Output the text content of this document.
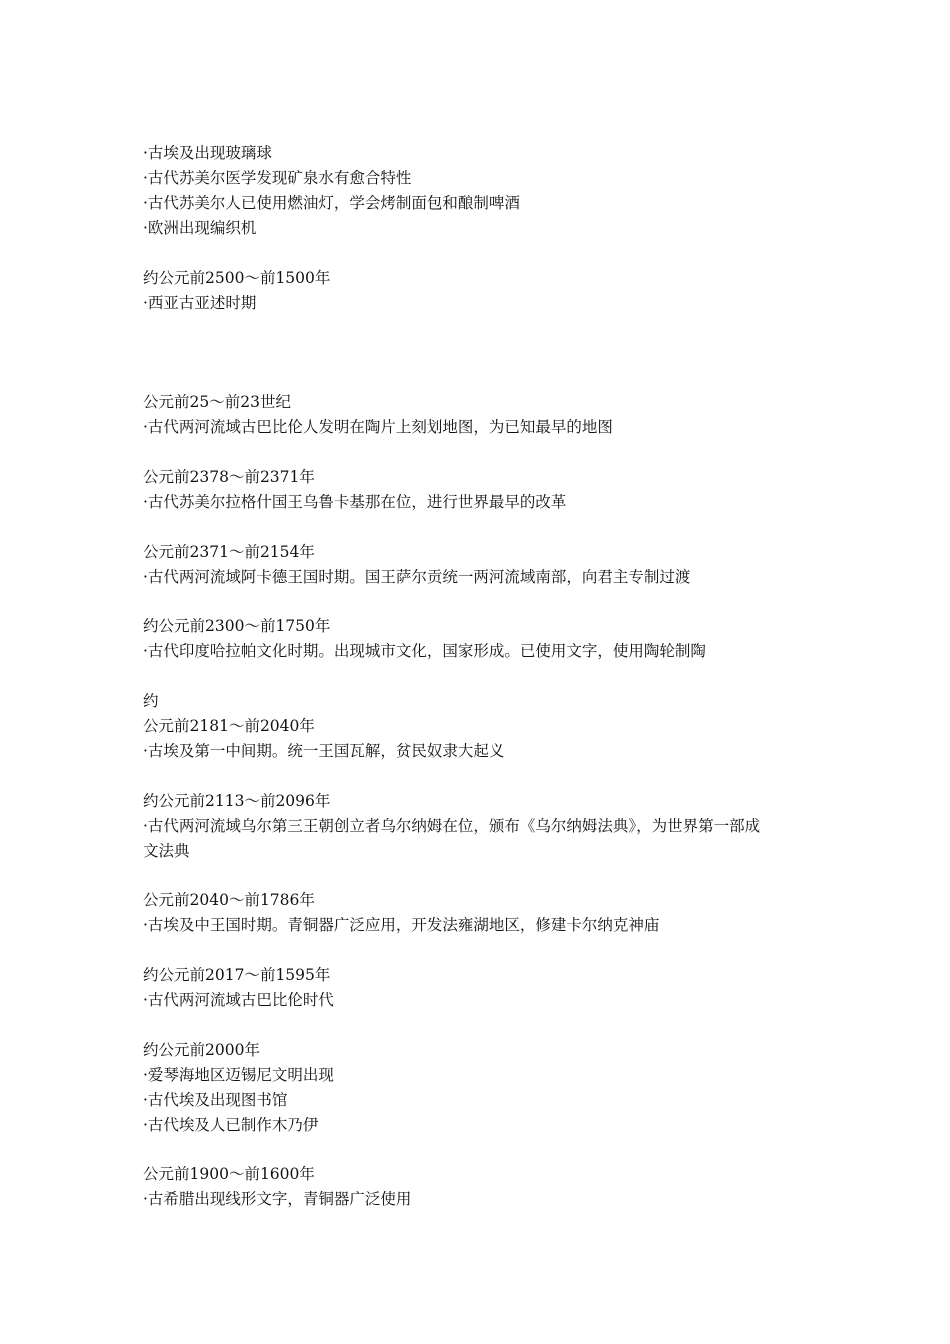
·古埃及出现玻璃球
·古代苏美尔医学发现矿泉水有愈合特性
·古代苏美尔人已使用燃油灯，学会烤制面包和酿制啤酒
·欧洲出现编织机
约公元前2500～前1500年
·西亚古亚述时期
公元前25～前23世纪
·古代两河流域古巴比伦人发明在陶片上刻划地图，为已知最早的地图
公元前2378～前2371年
·古代苏美尔拉格什国王乌鲁卡基那在位，进行世界最早的改革
公元前2371～前2154年
·古代两河流域阿卡德王国时期。国王萨尔贡统一两河流域南部，向君主专制过渡
约公元前2300～前1750年
·古代印度哈拉帕文化时期。出现城市文化，国家形成。已使用文字，使用陶轮制陶
约
公元前2181～前2040年
·古埃及第一中间期。统一王国瓦解，贫民奴隶大起义
约公元前2113～前2096年
·古代两河流域乌尔第三王朝创立者乌尔纳姆在位，颁布《乌尔纳姆法典》，为世界第一部成
文法典
公元前2040～前1786年
·古埃及中王国时期。青铜器广泛应用，开发法雍湖地区，修建卡尔纳克神庙
约公元前2017～前1595年
·古代两河流域古巴比伦时代
约公元前2000年
·爱琴海地区迈锡尼文明出现
·古代埃及出现图书馆
·古代埃及人已制作木乃伊
公元前1900～前1600年
·古希腊出现线形文字，青铜器广泛使用
